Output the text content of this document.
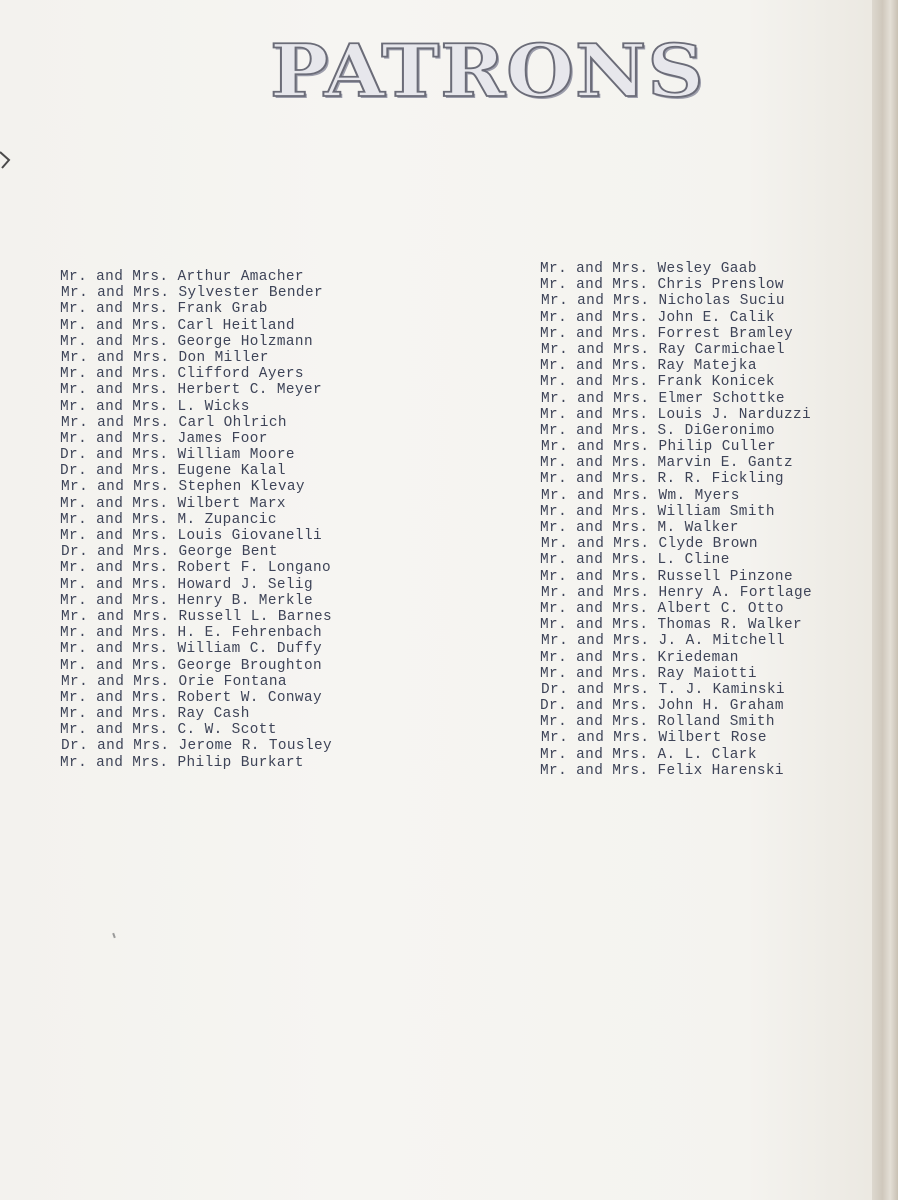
PATRONS
Mr. and Mrs. Arthur Amacher
Mr. and Mrs. Sylvester Bender
Mr. and Mrs. Frank Grab
Mr. and Mrs. Carl Heitland
Mr. and Mrs. George Holzmann
Mr. and Mrs. Don Miller
Mr. and Mrs. Clifford Ayers
Mr. and Mrs. Herbert C. Meyer
Mr. and Mrs. L. Wicks
Mr. and Mrs. Carl Ohlrich
Mr. and Mrs. James Foor
Dr. and Mrs. William Moore
Dr. and Mrs. Eugene Kalal
Mr. and Mrs. Stephen Klevay
Mr. and Mrs. Wilbert Marx
Mr. and Mrs. M. Zupancic
Mr. and Mrs. Louis Giovanelli
Dr. and Mrs. George Bent
Mr. and Mrs. Robert F. Longano
Mr. and Mrs. Howard J. Selig
Mr. and Mrs. Henry B. Merkle
Mr. and Mrs. Russell L. Barnes
Mr. and Mrs. H. E. Fehrenbach
Mr. and Mrs. William C. Duffy
Mr. and Mrs. George Broughton
Mr. and Mrs. Orie Fontana
Mr. and Mrs. Robert W. Conway
Mr. and Mrs. Ray Cash
Mr. and Mrs. C. W. Scott
Dr. and Mrs. Jerome R. Tousley
Mr. and Mrs. Philip Burkart
Mr. and Mrs. Wesley Gaab
Mr. and Mrs. Chris Prenslow
Mr. and Mrs. Nicholas Suciu
Mr. and Mrs. John E. Calik
Mr. and Mrs. Forrest Bramley
Mr. and Mrs. Ray Carmichael
Mr. and Mrs. Ray Matejka
Mr. and Mrs. Frank Konicek
Mr. and Mrs. Elmer Schottke
Mr. and Mrs. Louis J. Narduzzi
Mr. and Mrs. S. DiGeronimo
Mr. and Mrs. Philip Culler
Mr. and Mrs. Marvin E. Gantz
Mr. and Mrs. R. R. Fickling
Mr. and Mrs. Wm. Myers
Mr. and Mrs. William Smith
Mr. and Mrs. M. Walker
Mr. and Mrs. Clyde Brown
Mr. and Mrs. L. Cline
Mr. and Mrs. Russell Pinzone
Mr. and Mrs. Henry A. Fortlage
Mr. and Mrs. Albert C. Otto
Mr. and Mrs. Thomas R. Walker
Mr. and Mrs. J. A. Mitchell
Mr. and Mrs. Kriedeman
Mr. and Mrs. Ray Maiotti
Dr. and Mrs. T. J. Kaminski
Dr. and Mrs. John H. Graham
Mr. and Mrs. Rolland Smith
Mr. and Mrs. Wilbert Rose
Mr. and Mrs. A. L. Clark
Mr. and Mrs. Felix Harenski
